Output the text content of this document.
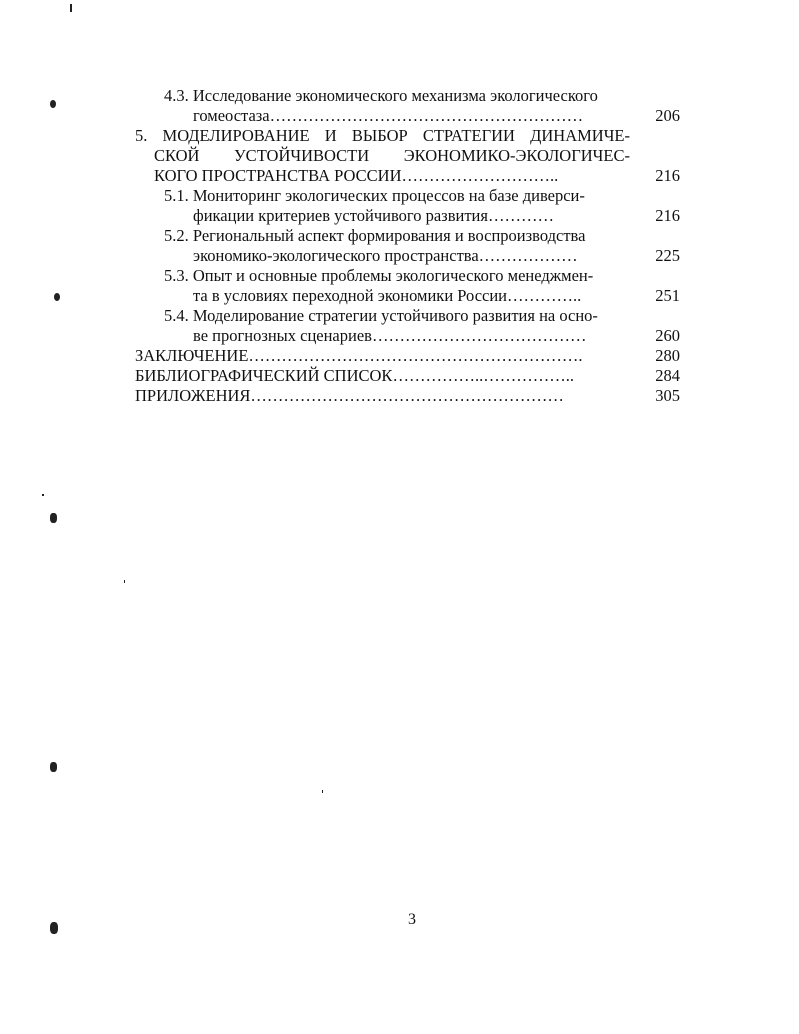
4.3. Исследование экономического механизма экологического
гомеостаза…………………………………………………	206
5. МОДЕЛИРОВАНИЕ И ВЫБОР СТРАТЕГИИ ДИНАМИЧЕ-
СКОЙ УСТОЙЧИВОСТИ ЭКОНОМИКО-ЭКОЛОГИЧЕС-
КОГО ПРОСТРАНСТВА РОССИИ………………………..	216
5.1. Мониторинг экологических процессов на базе диверси-
фикации критериев устойчивого развития…………	216
5.2. Региональный аспект формирования и воспроизводства
экономико-экологического пространства………………	225
5.3. Опыт и основные проблемы экологического менеджмен-
та в условиях переходной экономики России…………..	251
5.4. Моделирование стратегии устойчивого развития на осно-
ве прогнозных сценариев…………………………………	260
ЗАКЛЮЧЕНИЕ…………………………………………………….	280
БИБЛИОГРАФИЧЕСКИЙ СПИСОК……………..……………..	284
ПРИЛОЖЕНИЯ…………………………………………………	305
3
